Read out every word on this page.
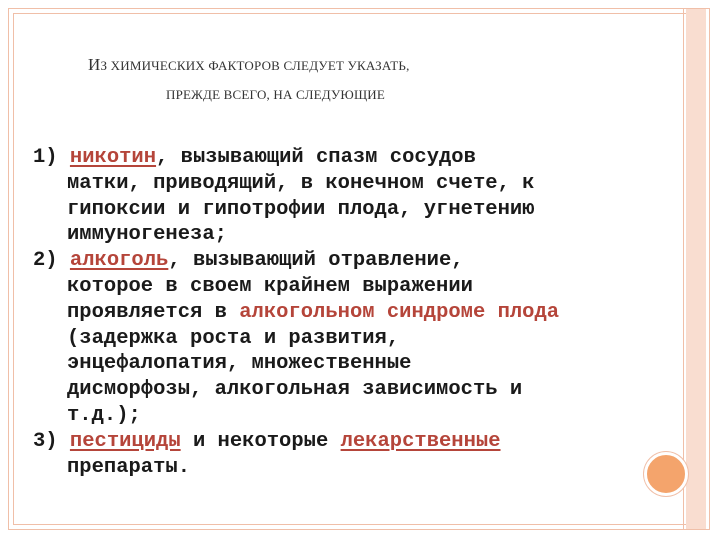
ИЗ ХИМИЧЕСКИХ ФАКТОРОВ СЛЕДУЕТ УКАЗАТЬ,
ПРЕЖДЕ ВСЕГО, НА СЛЕДУЮЩИЕ
1) никотин, вызывающий спазм сосудов
матки, приводящий, в конечном счете, к
гипоксии и гипотрофии плода, угнетению
иммуногенеза;
2) алкоголь, вызывающий отравление,
которое в своем крайнем выражении
проявляется в алкогольном синдроме плода
(задержка роста и развития,
энцефалопатия, множественные
дисморфозы, алкогольная зависимость и
т.д.);
3) пестициды и некоторые лекарственные
препараты.
